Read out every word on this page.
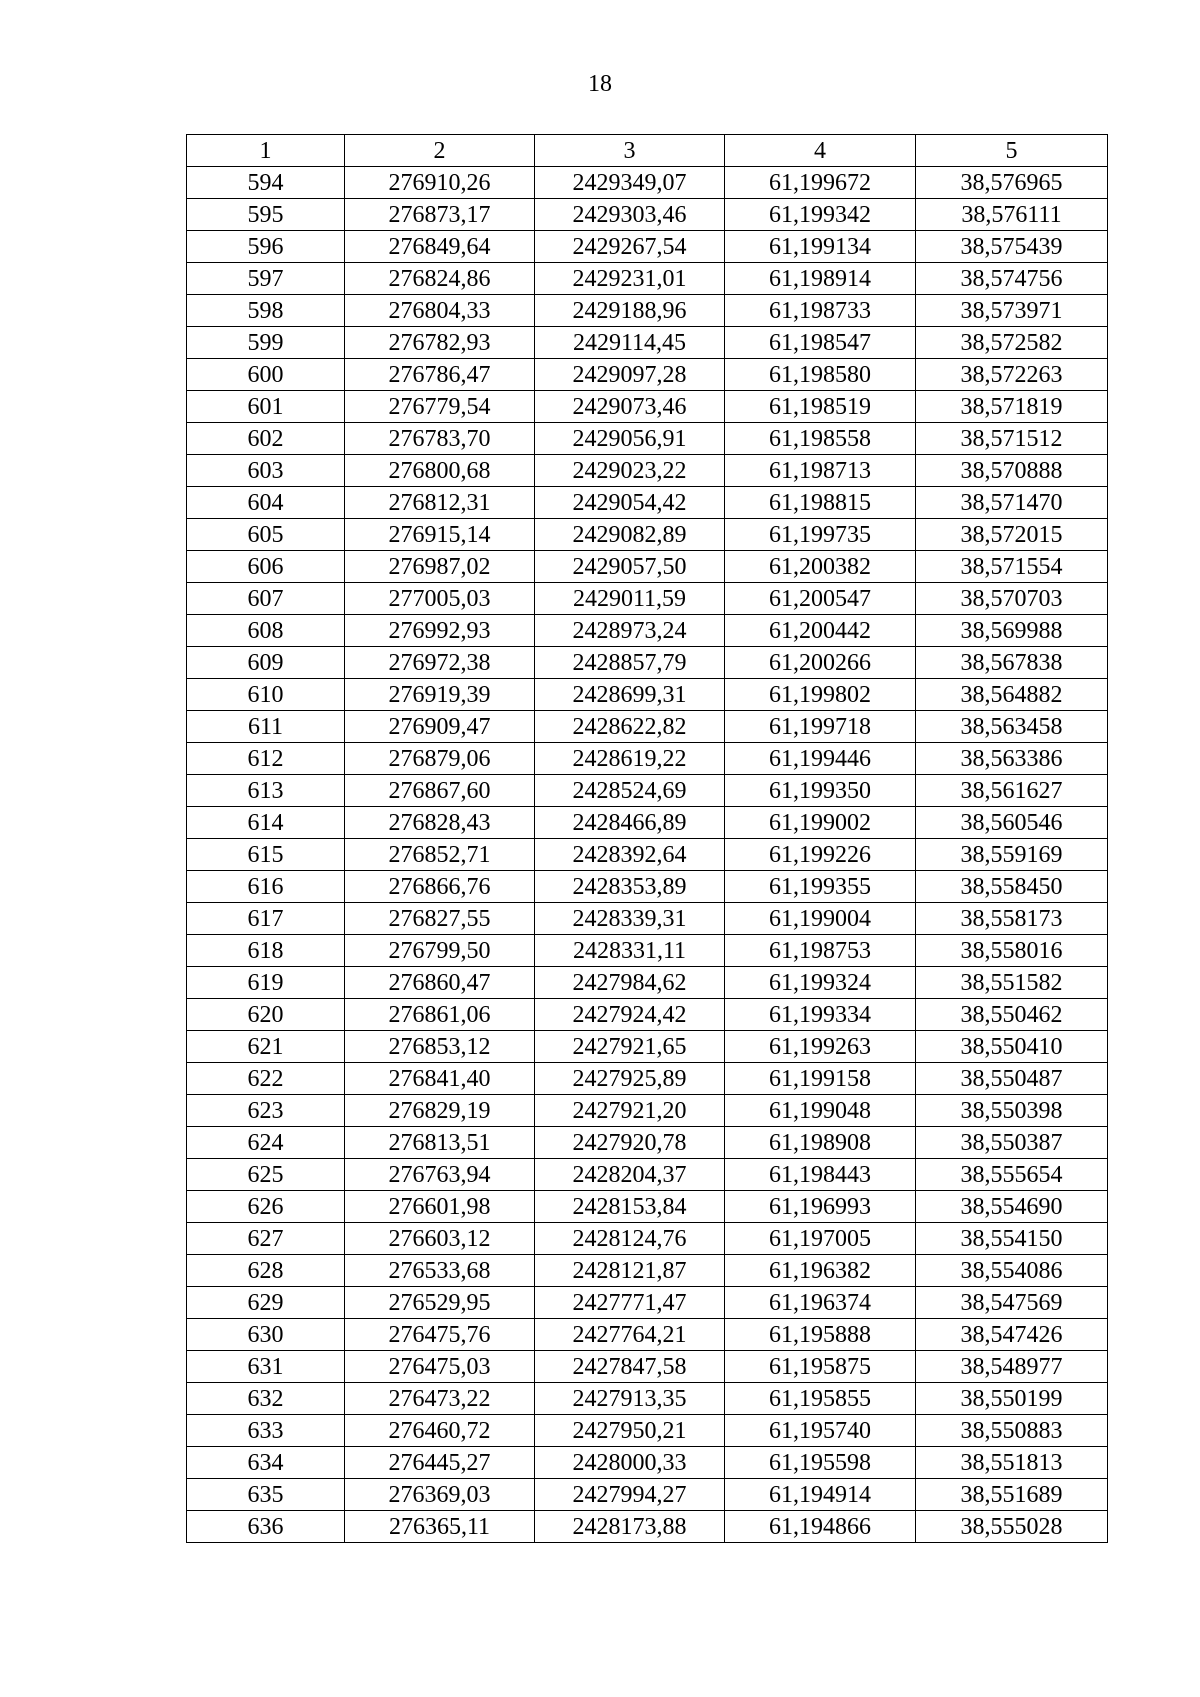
18
1	2	3	4	5
594	276910,26	2429349,07	61,199672	38,576965
595	276873,17	2429303,46	61,199342	38,576111
596	276849,64	2429267,54	61,199134	38,575439
597	276824,86	2429231,01	61,198914	38,574756
598	276804,33	2429188,96	61,198733	38,573971
599	276782,93	2429114,45	61,198547	38,572582
600	276786,47	2429097,28	61,198580	38,572263
601	276779,54	2429073,46	61,198519	38,571819
602	276783,70	2429056,91	61,198558	38,571512
603	276800,68	2429023,22	61,198713	38,570888
604	276812,31	2429054,42	61,198815	38,571470
605	276915,14	2429082,89	61,199735	38,572015
606	276987,02	2429057,50	61,200382	38,571554
607	277005,03	2429011,59	61,200547	38,570703
608	276992,93	2428973,24	61,200442	38,569988
609	276972,38	2428857,79	61,200266	38,567838
610	276919,39	2428699,31	61,199802	38,564882
611	276909,47	2428622,82	61,199718	38,563458
612	276879,06	2428619,22	61,199446	38,563386
613	276867,60	2428524,69	61,199350	38,561627
614	276828,43	2428466,89	61,199002	38,560546
615	276852,71	2428392,64	61,199226	38,559169
616	276866,76	2428353,89	61,199355	38,558450
617	276827,55	2428339,31	61,199004	38,558173
618	276799,50	2428331,11	61,198753	38,558016
619	276860,47	2427984,62	61,199324	38,551582
620	276861,06	2427924,42	61,199334	38,550462
621	276853,12	2427921,65	61,199263	38,550410
622	276841,40	2427925,89	61,199158	38,550487
623	276829,19	2427921,20	61,199048	38,550398
624	276813,51	2427920,78	61,198908	38,550387
625	276763,94	2428204,37	61,198443	38,555654
626	276601,98	2428153,84	61,196993	38,554690
627	276603,12	2428124,76	61,197005	38,554150
628	276533,68	2428121,87	61,196382	38,554086
629	276529,95	2427771,47	61,196374	38,547569
630	276475,76	2427764,21	61,195888	38,547426
631	276475,03	2427847,58	61,195875	38,548977
632	276473,22	2427913,35	61,195855	38,550199
633	276460,72	2427950,21	61,195740	38,550883
634	276445,27	2428000,33	61,195598	38,551813
635	276369,03	2427994,27	61,194914	38,551689
636	276365,11	2428173,88	61,194866	38,555028
